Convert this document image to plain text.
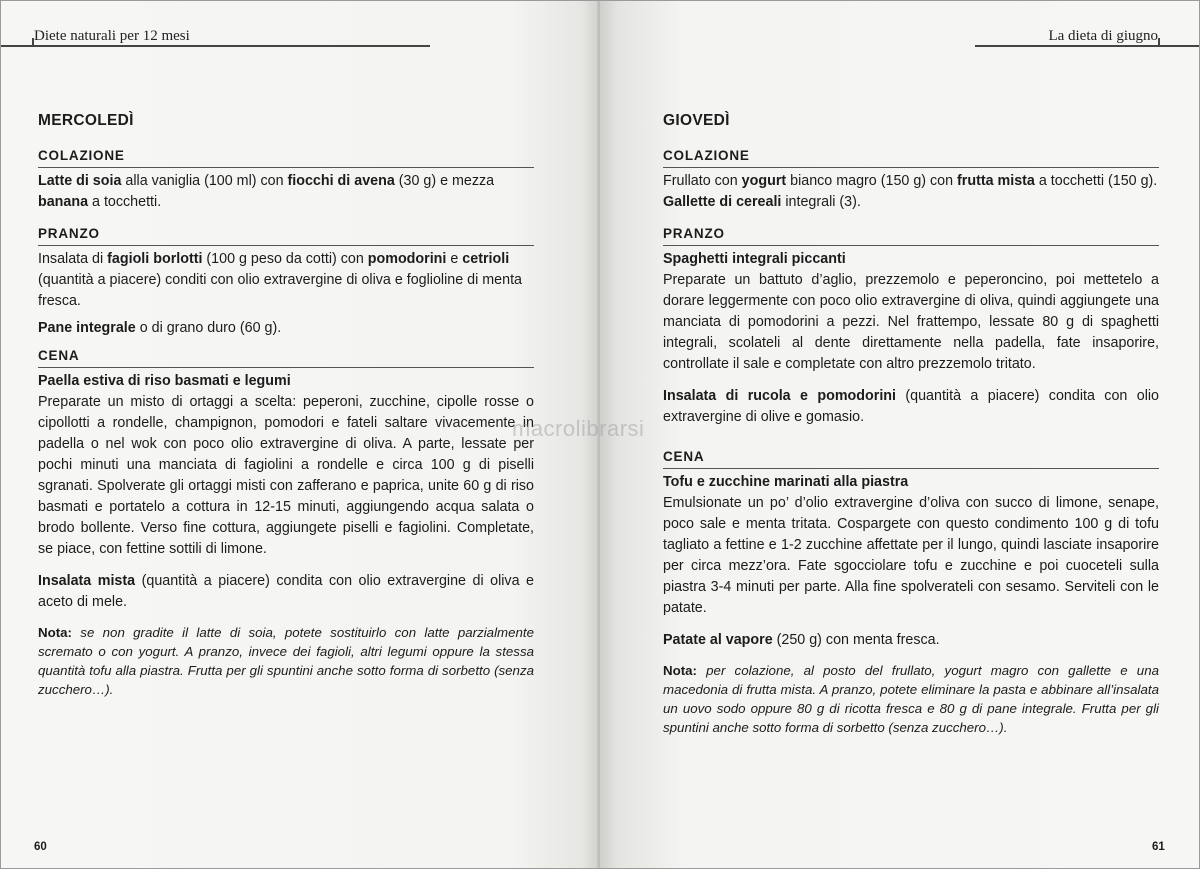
Diete naturali per 12 mesi
MERCOLEDÌ
COLAZIONE

Latte di soia alla vaniglia (100 ml) con fiocchi di avena (30 g) e mezza banana a tocchetti.

PRANZO

Insalata di fagioli borlotti (100 g peso da cotti) con pomodorini e cetrioli (quantità a piacere) conditi con olio extravergine di oliva e foglioline di menta fresca.

Pane integrale o di grano duro (60 g).

CENA

Paella estiva di riso basmati e legumi

Preparate un misto di ortaggi a scelta: peperoni, zucchine, cipolle rosse o cipollotti a rondelle, champignon, pomodori e fateli saltare vivacemente in padella o nel wok con poco olio extravergine di oliva. A parte, lessate per pochi minuti una manciata di fagiolini a rondelle e circa 100 g di piselli sgranati. Spolverate gli ortaggi misti con zafferano e paprica, unite 60 g di riso basmati e portatelo a cottura in 12-15 minuti, aggiungendo acqua salata o brodo bollente. Verso fine cottura, aggiungete piselli e fagiolini. Completate, se piace, con fettine sottili di limone.

Insalata mista (quantità a piacere) condita con olio extravergine di oliva e aceto di mele.

Nota: se non gradite il latte di soia, potete sostituirlo con latte parzialmente scremato o con yogurt. A pranzo, invece dei fagioli, altri legumi oppure la stessa quantità tofu alla piastra. Frutta per gli spuntini anche sotto forma di sorbetto (senza zucchero…).

60
La dieta di giugno
GIOVEDÌ
COLAZIONE

Frullato con yogurt bianco magro (150 g) con frutta mista a tocchetti (150 g).

Gallette di cereali integrali (3).

PRANZO

Spaghetti integrali piccanti

Preparate un battuto d’aglio, prezzemolo e peperoncino, poi mettetelo a dorare leggermente con poco olio extravergine di oliva, quindi aggiungete una manciata di pomodorini a pezzi. Nel frattempo, lessate 80 g di spaghetti integrali, scolateli al dente direttamente nella padella, fate insaporire, controllate il sale e completate con altro prezzemolo tritato.

Insalata di rucola e pomodorini (quantità a piacere) condita con olio extravergine di olive e gomasio.

CENA

Tofu e zucchine marinati alla piastra

Emulsionate un po’ d’olio extravergine d’oliva con succo di limone, senape, poco sale e menta tritata. Cospargete con questo condimento 100 g di tofu tagliato a fettine e 1-2 zucchine affettate per il lungo, quindi lasciate insaporire per circa mezz’ora. Fate sgocciolare tofu e zucchine e poi cuoceteli sulla piastra 3-4 minuti per parte. Alla fine spolverateli con sesamo. Serviteli con le patate.

Patate al vapore (250 g) con menta fresca.

Nota: per colazione, al posto del frullato, yogurt magro con gallette e una macedonia di frutta mista. A pranzo, potete eliminare la pasta e abbinare all’insalata un uovo sodo oppure 80 g di ricotta fresca e 80 g di pane integrale. Frutta per gli spuntini anche sotto forma di sorbetto (senza zucchero…).

61
macrolibrarsi
